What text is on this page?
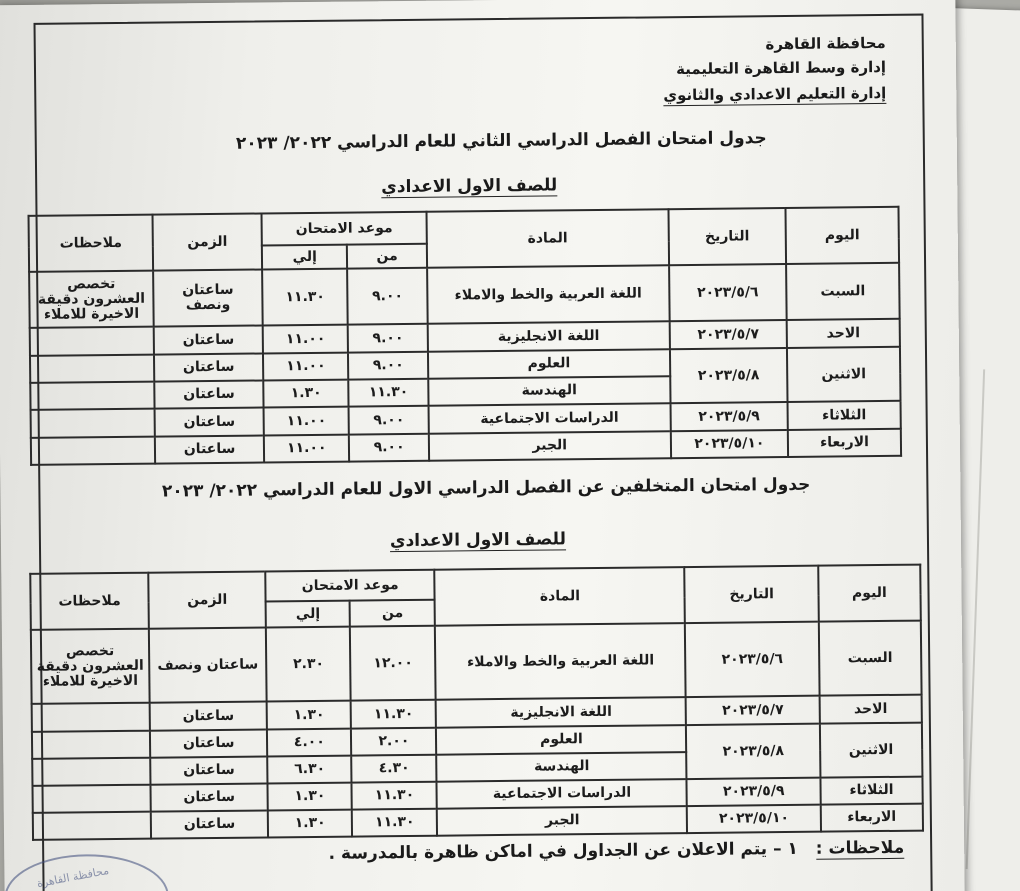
محافظة القاهرة
إدارة وسط القاهرة التعليمية
إدارة التعليم الاعدادي والثانوي
جدول امتحان الفصل الدراسي الثاني للعام الدراسي ٢٠٢٢/ ٢٠٢٣
للصف الاول الاعدادي
اليوم	التاريخ	المادة	موعد الامتحان		الزمن	ملاحظات
			من	إلي		
السبت	٢٠٢٣/٥/٦	اللغة العربية والخط والاملاء	٩.٠٠	١١.٣٠	ساعتان ونصف	تخصص العشرون دقيقة الاخيرة للاملاء
الاحد	٢٠٢٣/٥/٧	اللغة الانجليزية	٩.٠٠	١١.٠٠	ساعتان	
الاثنين	٢٠٢٣/٥/٨	العلوم	٩.٠٠	١١.٠٠	ساعتان	
		الهندسة	١١.٣٠	١.٣٠	ساعتان	
الثلاثاء	٢٠٢٣/٥/٩	الدراسات الاجتماعية	٩.٠٠	١١.٠٠	ساعتان	
الاربعاء	٢٠٢٣/٥/١٠	الجبر	٩.٠٠	١١.٠٠	ساعتان	
جدول امتحان المتخلفين عن الفصل الدراسي الاول للعام الدراسي ٢٠٢٢/ ٢٠٢٣
للصف الاول الاعدادي
اليوم	التاريخ	المادة	موعد الامتحان		الزمن	ملاحظات
			من	إلي		
السبت	٢٠٢٣/٥/٦	اللغة العربية والخط والاملاء	١٢.٠٠	٢.٣٠	ساعتان ونصف	تخصص العشرون دقيقة الاخيرة للاملاء
الاحد	٢٠٢٣/٥/٧	اللغة الانجليزية	١١.٣٠	١.٣٠	ساعتان	
الاثنين	٢٠٢٣/٥/٨	العلوم	٢.٠٠	٤.٠٠	ساعتان	
		الهندسة	٤.٣٠	٦.٣٠	ساعتان	
الثلاثاء	٢٠٢٣/٥/٩	الدراسات الاجتماعية	١١.٣٠	١.٣٠	ساعتان	
الاربعاء	٢٠٢٣/٥/١٠	الجبر	١١.٣٠	١.٣٠	ساعتان	
ملاحظات : ١ – يتم الاعلان عن الجداول في اماكن ظاهرة بالمدرسة .
محافظة القاهرة
